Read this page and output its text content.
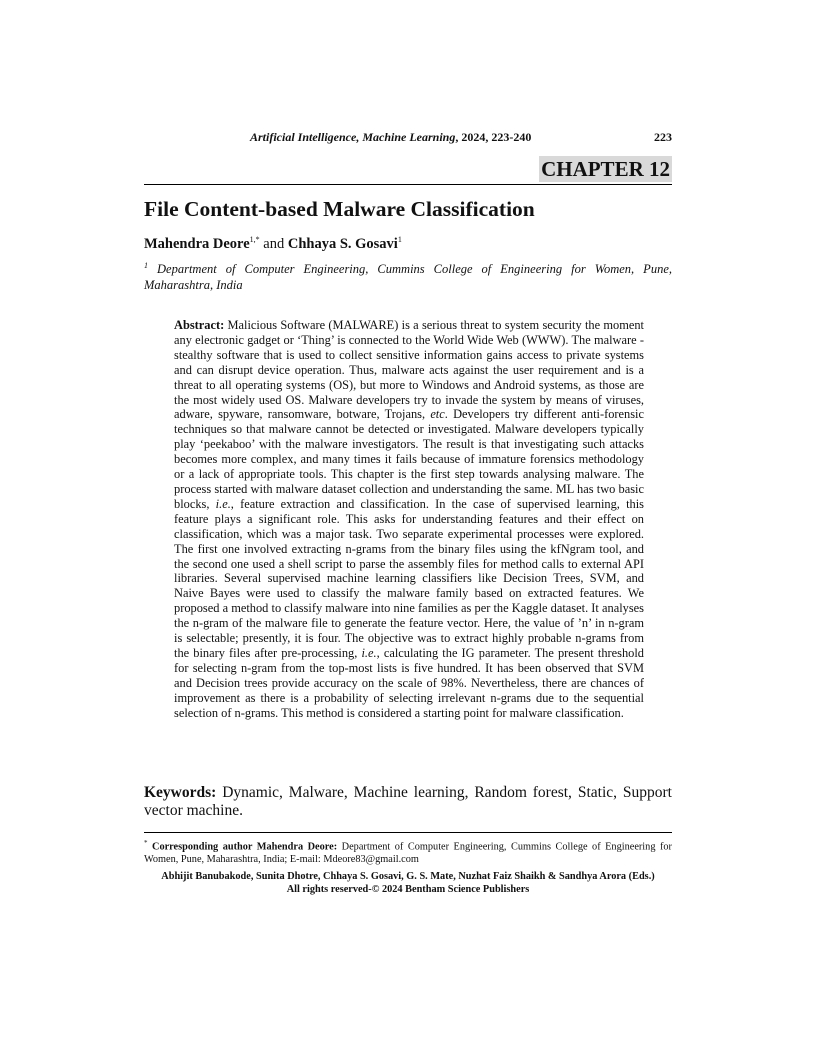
Artificial Intelligence, Machine Learning, 2024, 223-240	223
CHAPTER 12
File Content-based Malware Classification
Mahendra Deore$^{1,*}$ and Chhaya S. Gosavi$^1$
$^1$ Department of Computer Engineering, Cummins College of Engineering for Women, Pune, Maharashtra, India
Abstract: Malicious Software (MALWARE) is a serious threat to system security the moment any electronic gadget or ‘Thing’ is connected to the World Wide Web (WWW). The malware - stealthy software that is used to collect sensitive information gains access to private systems and can disrupt device operation. Thus, malware acts against the user requirement and is a threat to all operating systems (OS), but more to Windows and Android systems, as those are the most widely used OS. Malware developers try to invade the system by means of viruses, adware, spyware, ransomware, botware, Trojans, etc. Developers try different anti-forensic techniques so that malware cannot be detected or investigated. Malware developers typically play ‘peekaboo’ with the malware investigators. The result is that investigating such attacks becomes more complex, and many times it fails because of immature forensics methodology or a lack of appropriate tools. This chapter is the first step towards analysing malware. The process started with malware dataset collection and understanding the same. ML has two basic blocks, i.e., feature extraction and classification. In the case of supervised learning, this feature plays a significant role. This asks for understanding features and their effect on classification, which was a major task. Two separate experimental processes were explored. The first one involved extracting n-grams from the binary files using the kfNgram tool, and the second one used a shell script to parse the assembly files for method calls to external API libraries. Several supervised machine learning classifiers like Decision Trees, SVM, and Naive Bayes were used to classify the malware family based on extracted features. We proposed a method to classify malware into nine families as per the Kaggle dataset. It analyses the n-gram of the malware file to generate the feature vector. Here, the value of ’n’ in n-gram is selectable; presently, it is four. The objective was to extract highly probable n-grams from the binary files after pre-processing, i.e., calculating the IG parameter. The present threshold for selecting n-gram from the top-most lists is five hundred. It has been observed that SVM and Decision trees provide accuracy on the scale of 98%. Nevertheless, there are chances of improvement as there is a probability of selecting irrelevant n-grams due to the sequential selection of n-grams. This method is considered a starting point for malware classification.
Keywords: Dynamic, Malware, Machine learning, Random forest, Static, Support vector machine.
* Corresponding author Mahendra Deore: Department of Computer Engineering, Cummins College of Engineering for Women, Pune, Maharashtra, India; E-mail: Mdeore83@gmail.com
Abhijit Banubakode, Sunita Dhotre, Chhaya S. Gosavi, G. S. Mate, Nuzhat Faiz Shaikh & Sandhya Arora (Eds.)
All rights reserved-© 2024 Bentham Science Publishers
